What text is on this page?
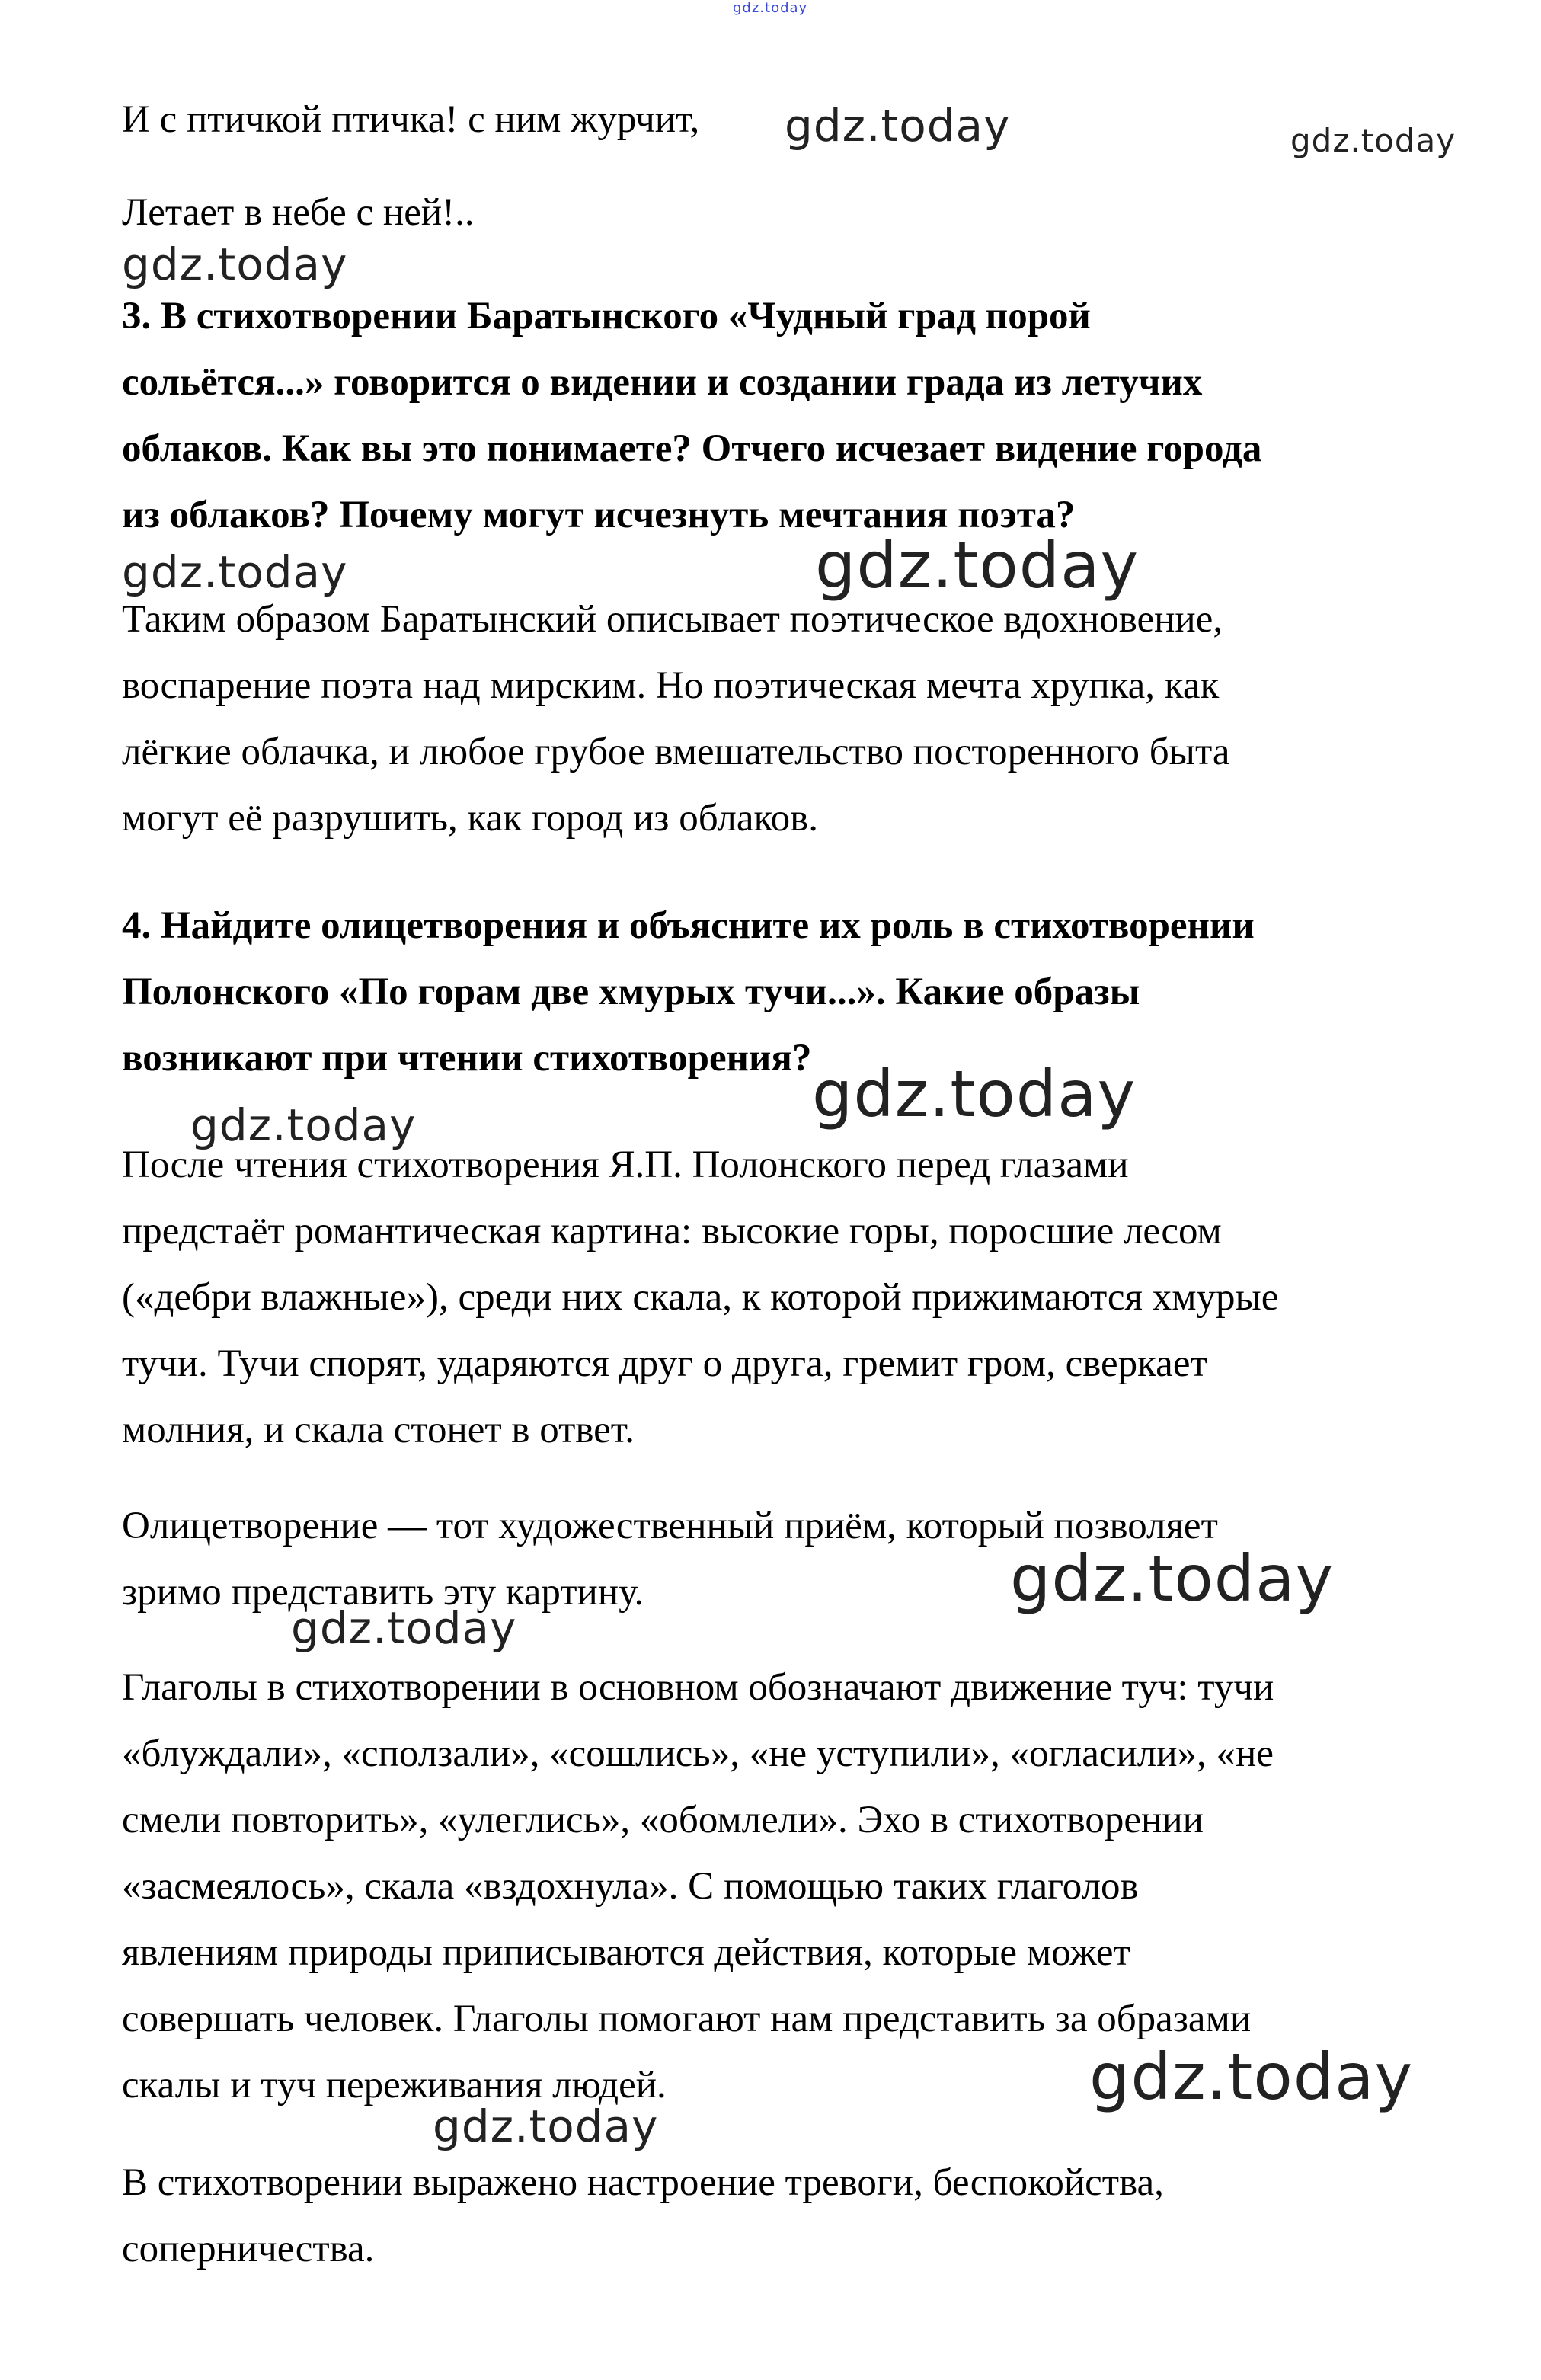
gdz.today
И с птичкой птичка! с ним журчит, gdz.today	gdz.today
Летает в небе с ней!..
gdz.today
3. В стихотворении Баратынского «Чудный град порой
сольётся...» говорится о видении и создании града из летучих
облаков. Как вы это понимаете? Отчего исчезает видение города
из облаков? Почему могут исчезнуть мечтания поэта?
gdz.today	gdz.today
Таким образом Баратынский описывает поэтическое вдохновение,
воспарение поэта над мирским. Но поэтическая мечта хрупка, как
лёгкие облачка, и любое грубое вмешательство посторенного быта
могут её разрушить, как город из облаков.
4. Найдите олицетворения и объясните их роль в стихотворении
Полонского «По горам две хмурых тучи...». Какие образы
возникают при чтении стихотворения? gdz.today
gdz.today
После чтения стихотворения Я.П. Полонского перед глазами
предстаёт романтическая картина: высокие горы, поросшие лесом
(«дебри влажные»), среди них скала, к которой прижимаются хмурые
тучи. Тучи спорят, ударяются друг о друга, гремит гром, сверкает
молния, и скала стонет в ответ.
Олицетворение — тот художественный приём, который позволяет
зримо представить эту картину.	gdz.today
gdz.today
Глаголы в стихотворении в основном обозначают движение туч: тучи
«блуждали», «сползали», «сошлись», «не уступили», «огласили», «не
смели повторить», «улеглись», «обомлели». Эхо в стихотворении
«засмеялось», скала «вздохнула». С помощью таких глаголов
явлениям природы приписываются действия, которые может
совершать человек. Глаголы помогают нам представить за образами
скалы и туч переживания людей.	gdz.today
gdz.today
В стихотворении выражено настроение тревоги, беспокойства,
соперничества.
